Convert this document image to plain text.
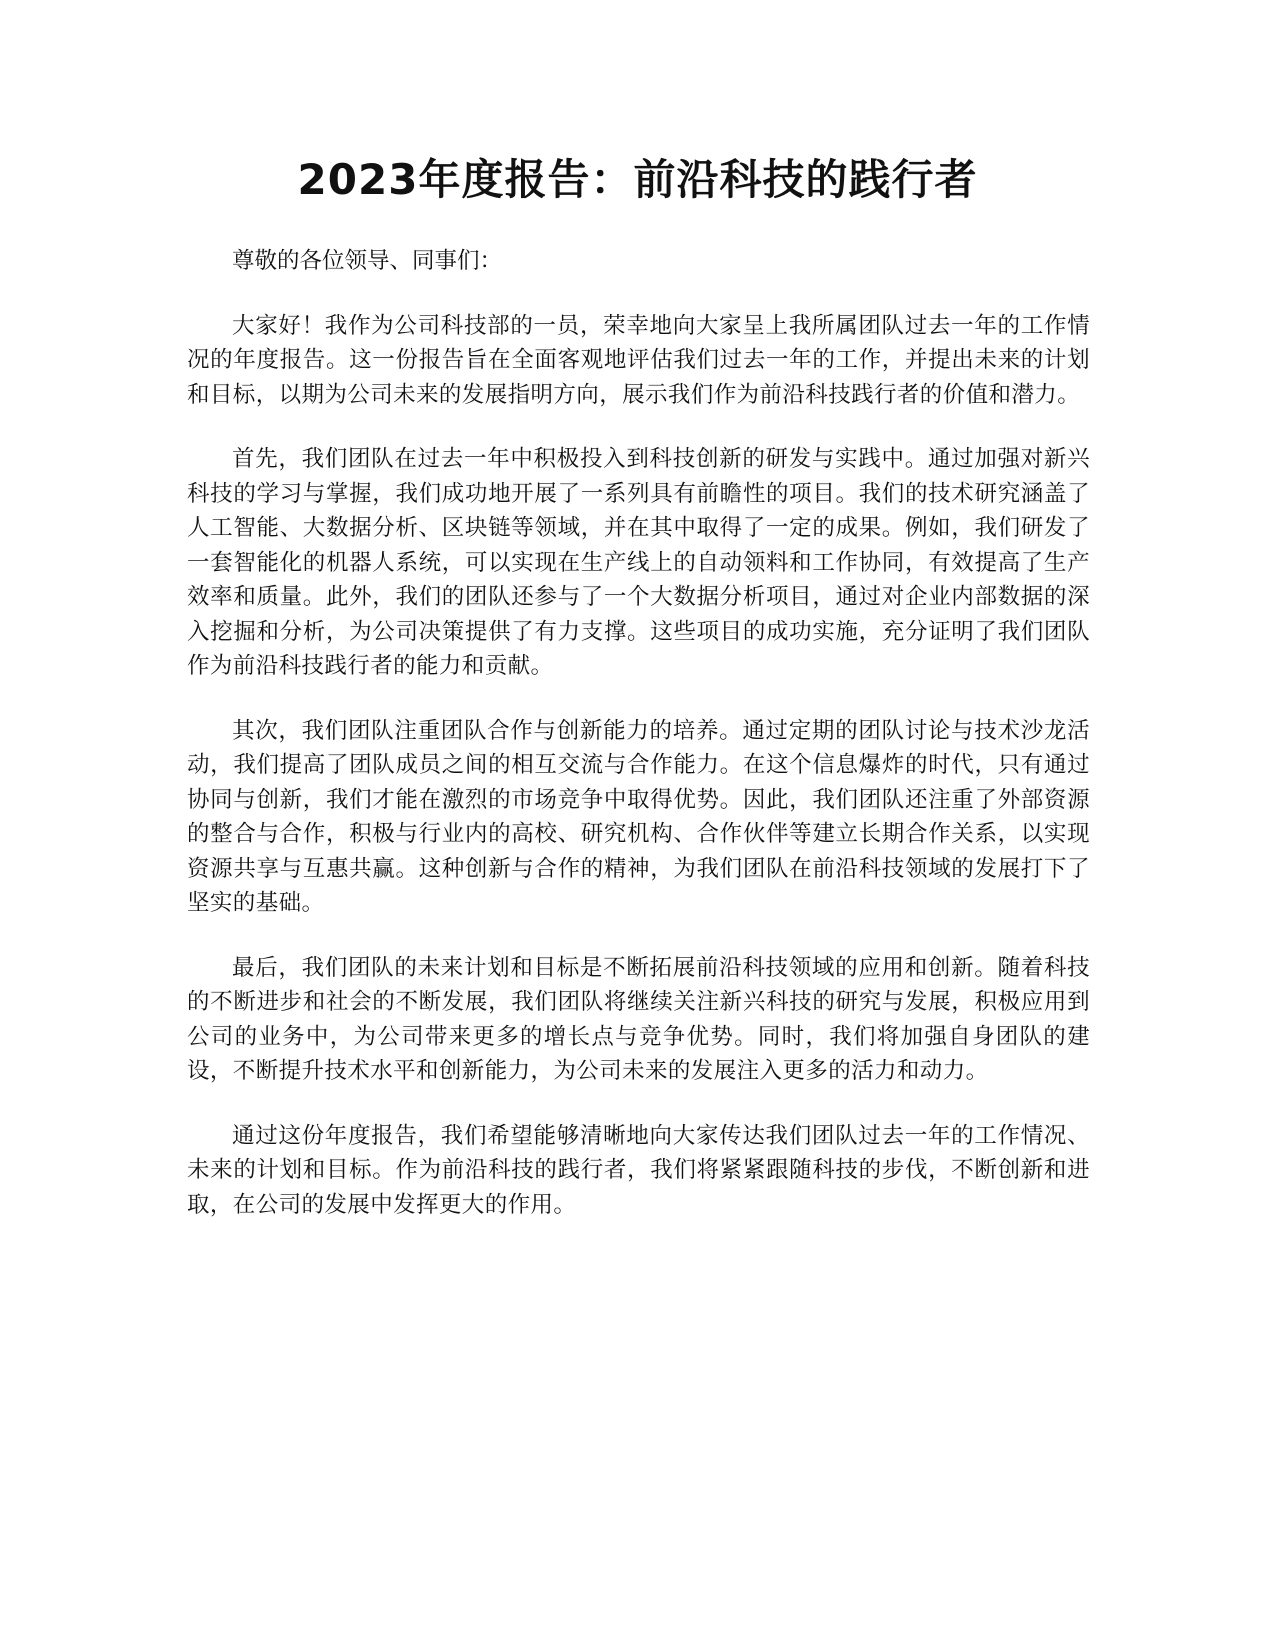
2023年度报告：前沿科技的践行者

尊敬的各位领导、同事们：

大家好！我作为公司科技部的一员，荣幸地向大家呈上我所属团队过去一年的工作情况的年度报告。这一份报告旨在全面客观地评估我们过去一年的工作，并提出未来的计划和目标，以期为公司未来的发展指明方向，展示我们作为前沿科技践行者的价值和潜力。

首先，我们团队在过去一年中积极投入到科技创新的研发与实践中。通过加强对新兴科技的学习与掌握，我们成功地开展了一系列具有前瞻性的项目。我们的技术研究涵盖了人工智能、大数据分析、区块链等领域，并在其中取得了一定的成果。例如，我们研发了一套智能化的机器人系统，可以实现在生产线上的自动领料和工作协同，有效提高了生产效率和质量。此外，我们的团队还参与了一个大数据分析项目，通过对企业内部数据的深入挖掘和分析，为公司决策提供了有力支撑。这些项目的成功实施，充分证明了我们团队作为前沿科技践行者的能力和贡献。

其次，我们团队注重团队合作与创新能力的培养。通过定期的团队讨论与技术沙龙活动，我们提高了团队成员之间的相互交流与合作能力。在这个信息爆炸的时代，只有通过协同与创新，我们才能在激烈的市场竞争中取得优势。因此，我们团队还注重了外部资源的整合与合作，积极与行业内的高校、研究机构、合作伙伴等建立长期合作关系，以实现资源共享与互惠共赢。这种创新与合作的精神，为我们团队在前沿科技领域的发展打下了坚实的基础。

最后，我们团队的未来计划和目标是不断拓展前沿科技领域的应用和创新。随着科技的不断进步和社会的不断发展，我们团队将继续关注新兴科技的研究与发展，积极应用到公司的业务中，为公司带来更多的增长点与竞争优势。同时，我们将加强自身团队的建设，不断提升技术水平和创新能力，为公司未来的发展注入更多的活力和动力。

通过这份年度报告，我们希望能够清晰地向大家传达我们团队过去一年的工作情况、未来的计划和目标。作为前沿科技的践行者，我们将紧紧跟随科技的步伐，不断创新和进取，在公司的发展中发挥更大的作用。
